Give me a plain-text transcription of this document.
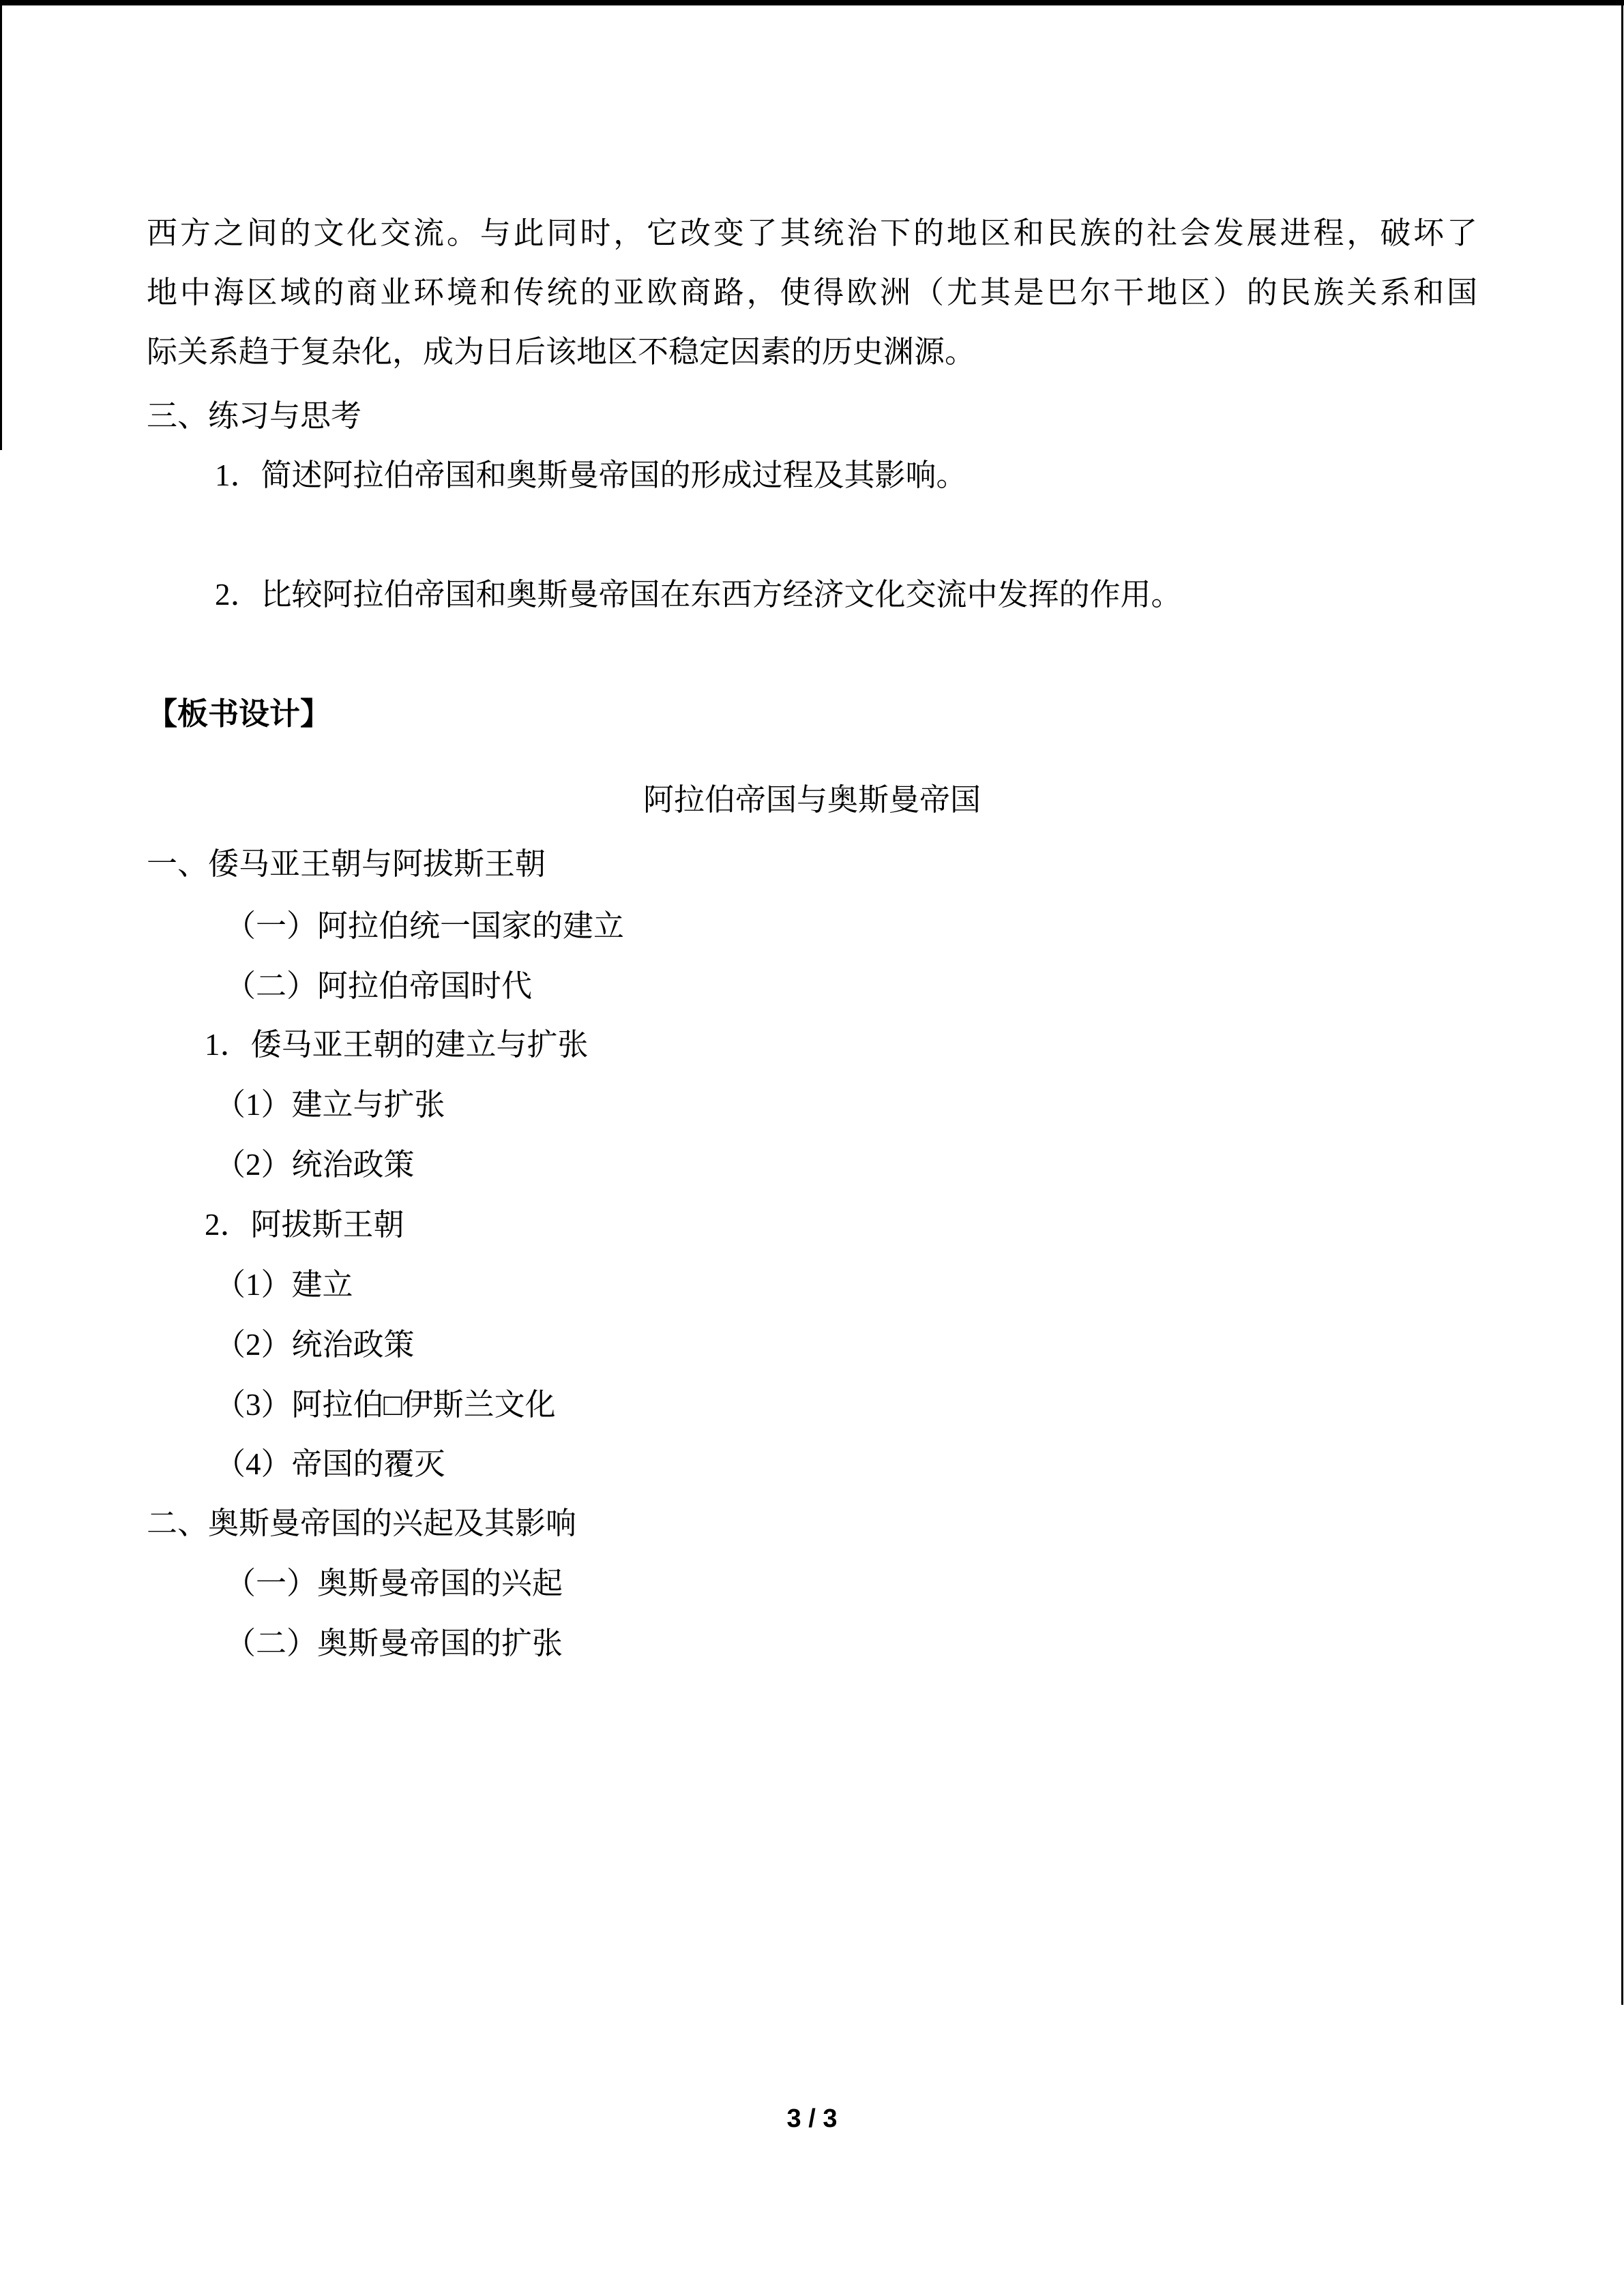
西方之间的文化交流。与此同时，它改变了其统治下的地区和民族的社会发展进程，破坏了
地中海区域的商业环境和传统的亚欧商路，使得欧洲（尤其是巴尔干地区）的民族关系和国
际关系趋于复杂化，成为日后该地区不稳定因素的历史渊源。
三、练习与思考
1．简述阿拉伯帝国和奥斯曼帝国的形成过程及其影响。
2．比较阿拉伯帝国和奥斯曼帝国在东西方经济文化交流中发挥的作用。
【板书设计】
阿拉伯帝国与奥斯曼帝国
一、倭马亚王朝与阿拔斯王朝
（一）阿拉伯统一国家的建立
（二）阿拉伯帝国时代
1．倭马亚王朝的建立与扩张
（1）建立与扩张
（2）统治政策
2．阿拔斯王朝
（1）建立
（2）统治政策
（3）阿拉伯□伊斯兰文化
（4）帝国的覆灭
二、奥斯曼帝国的兴起及其影响
（一）奥斯曼帝国的兴起
（二）奥斯曼帝国的扩张
3 / 3
